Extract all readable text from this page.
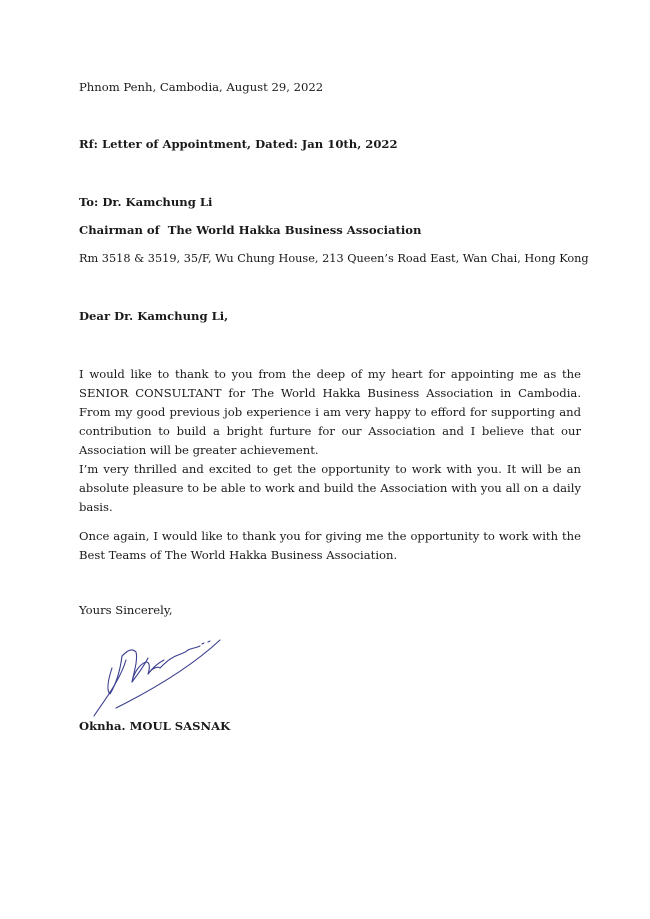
Phnom Penh, Cambodia, August 29, 2022

Rf: Letter of Appointment, Dated: Jan 10th, 2022

To: Dr. Kamchung Li

Chairman of  The World Hakka Business Association

Rm 3518 & 3519, 35/F, Wu Chung House, 213 Queen’s Road East, Wan Chai, Hong Kong

Dear Dr. Kamchung Li,

I would like to thank to you from the deep of my heart for appointing me as the SENIOR CONSULTANT for The World Hakka Business Association in Cambodia. From my good previous job experience i am very happy to efford for supporting and contribution to build a bright furture for our Association and I believe that our Association will be greater achievement.

I’m very thrilled and excited to get the opportunity to work with you. It will be an absolute pleasure to be able to work and build the Association with you all on a daily basis.

Once again, I would like to thank you for giving me the opportunity to work with the Best Teams of The World Hakka Business Association.

Yours Sincerely,

Oknha. MOUL SASNAK
